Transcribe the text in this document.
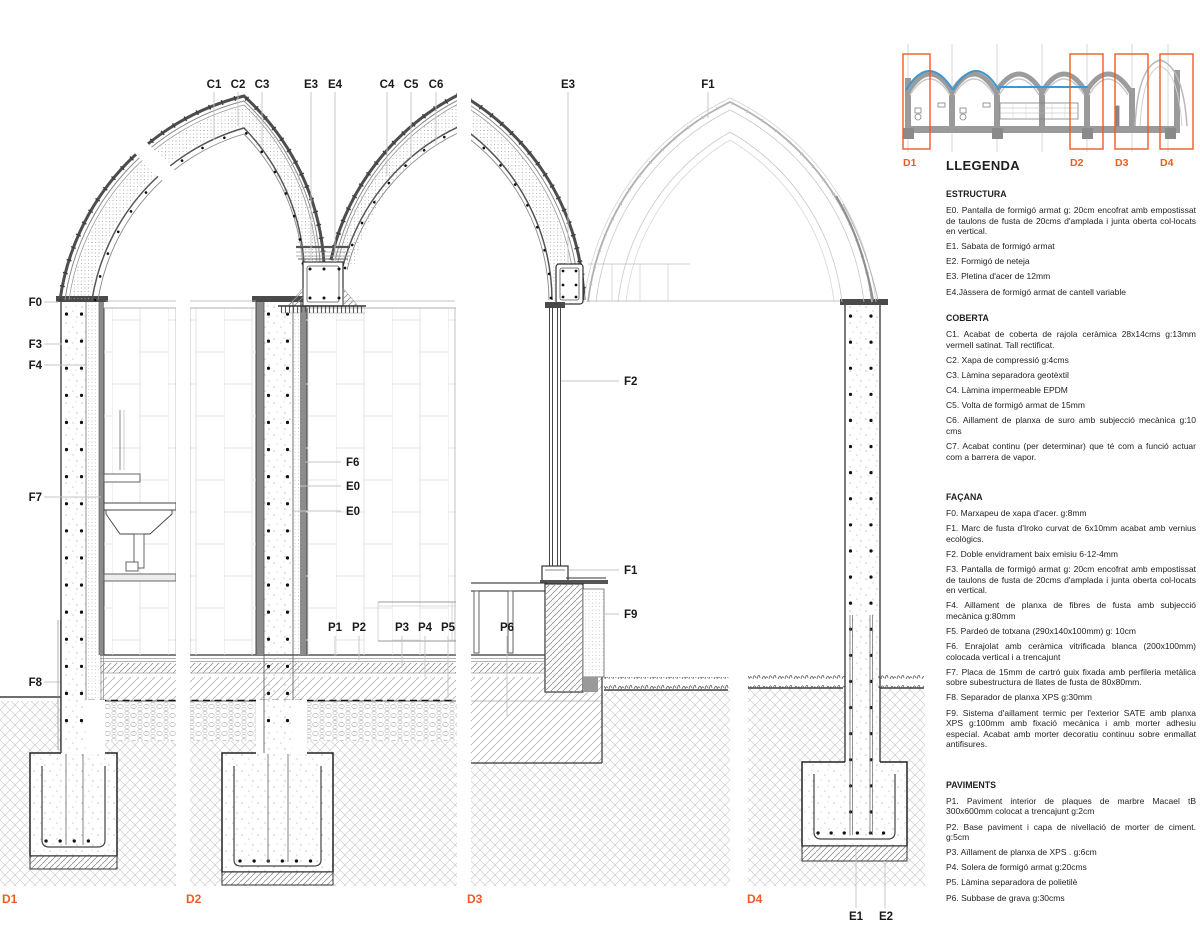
C1 C2 C3	E3 E4	C4 C5 C6	E3	F1
F0
F3
F4
F7
F8
F6
E0
E0
F2
F1
F9
P1 P2	P3 P4 P5	P6
E1 E2
D1	D2	D3	D4
D1	D2	D3	D4
LLEGENDA
ESTRUCTURA
E0. Pantalla de formigó armat g: 20cm encofrat amb empostissat de taulons de fusta de 20cms d'amplada i junta oberta col-locats en vertical.
E1. Sabata de formigó armat
E2. Formigó de neteja
E3. Pletina d'acer de 12mm
E4.Jàssera de formigó armat de cantell variable
COBERTA
C1. Acabat de coberta de rajola ceràmica 28x14cms g:13mm vermell satinat. Tall rectificat.
C2. Xapa de compressió g:4cms
C3. Làmina separadora geotèxtil
C4. Làmina impermeable EPDM
C5. Volta de formigó armat de 15mm
C6. Aillament de planxa de suro amb subjecció mecànica g:10 cms
C7. Acabat continu (per determinar) que té com a funció actuar com a barrera de vapor.
FAÇANA
F0. Marxapeu de xapa d'acer. g:8mm
F1. Marc de fusta d'Iroko curvat de 6x10mm acabat amb vernius ecològics.
F2. Doble envidrament baix emisiu 6-12-4mm
F3. Pantalla de formigó armat g: 20cm encofrat amb empostissat de taulons de fusta de 20cms d'amplada i junta oberta col-locats en vertical.
F4. Aillament de planxa de fibres de fusta amb subjecció mecànica g:80mm
F5. Pardeó de totxana (290x140x100mm) g: 10cm
F6. Enrajolat amb ceràmica vitrificada blanca (200x100mm) colocada vertical i a trencajunt
F7. Placa de 15mm de cartró guix fixada amb perfileria metàlica sobre subestructura de llates de fusta de 80x80mm.
F8. Separador de planxa XPS g:30mm
F9. Sistema d'aillament termic per l'exterior SATE amb planxa XPS g:100mm amb fixació mecànica i amb morter adhesiu especial. Acabat amb morter decoratiu continuu sobre enmallat antifisures.
PAVIMENTS
P1. Paviment interior de plaques de marbre Macael tB 300x600mm colocat a trencajunt g:2cm
P2. Base paviment i capa de nivellació de morter de ciment. g:5cm
P3. Aïllament de planxa de XPS . g:6cm
P4. Solera de formigó armat g:20cms
P5. Làmina separadora de polietilè
P6. Subbase de grava g:30cms
